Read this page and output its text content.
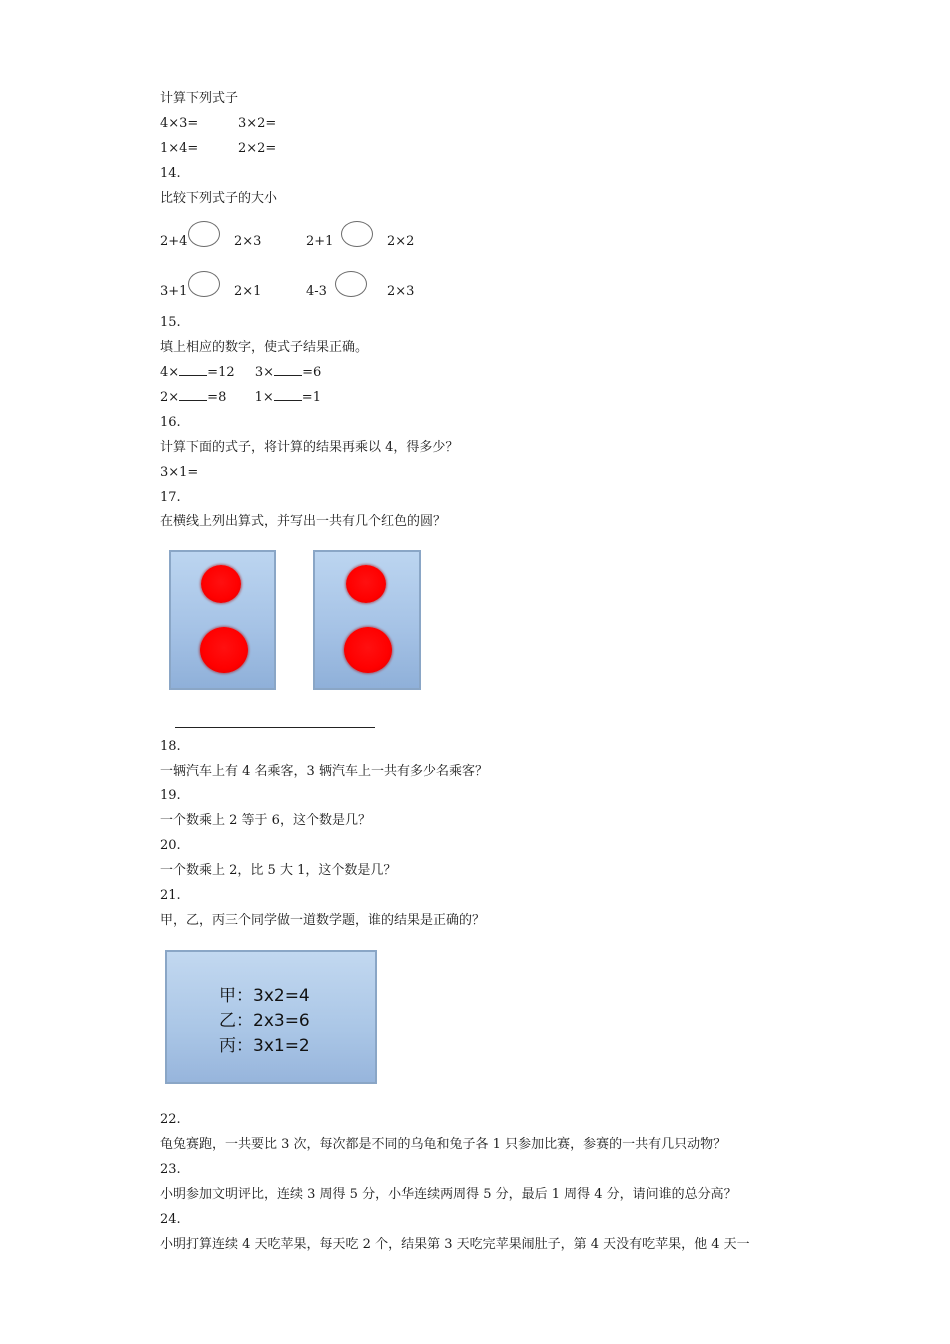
计算下列式子
4×3=	3×2=
1×4=	2×2=
14.
比较下列式子的大小
2+4	2×3	2+1	2×2
3+1	2×1	4-3	2×3
15.
填上相应的数字，使式子结果正确。
4× =12 3× =6
2× =8 1× =1
16.
计算下面的式子，将计算的结果再乘以 4，得多少？
3×1=
17.
在横线上列出算式，并写出一共有几个红色的圆？
18.
一辆汽车上有 4 名乘客，3 辆汽车上一共有多少名乘客？
19.
一个数乘上 2 等于 6，这个数是几？
20.
一个数乘上 2，比 5 大 1，这个数是几？
21.
甲，乙，丙三个同学做一道数学题，谁的结果是正确的？
甲：3x2=4
乙：2x3=6
丙：3x1=2
22.
龟兔赛跑，一共要比 3 次，每次都是不同的乌龟和兔子各 1 只参加比赛，参赛的一共有几只动物？
23.
小明参加文明评比，连续 3 周得 5 分，小华连续两周得 5 分，最后 1 周得 4 分，请问谁的总分高？
24.
小明打算连续 4 天吃苹果，每天吃 2 个，结果第 3 天吃完苹果闹肚子，第 4 天没有吃苹果，他 4 天一
